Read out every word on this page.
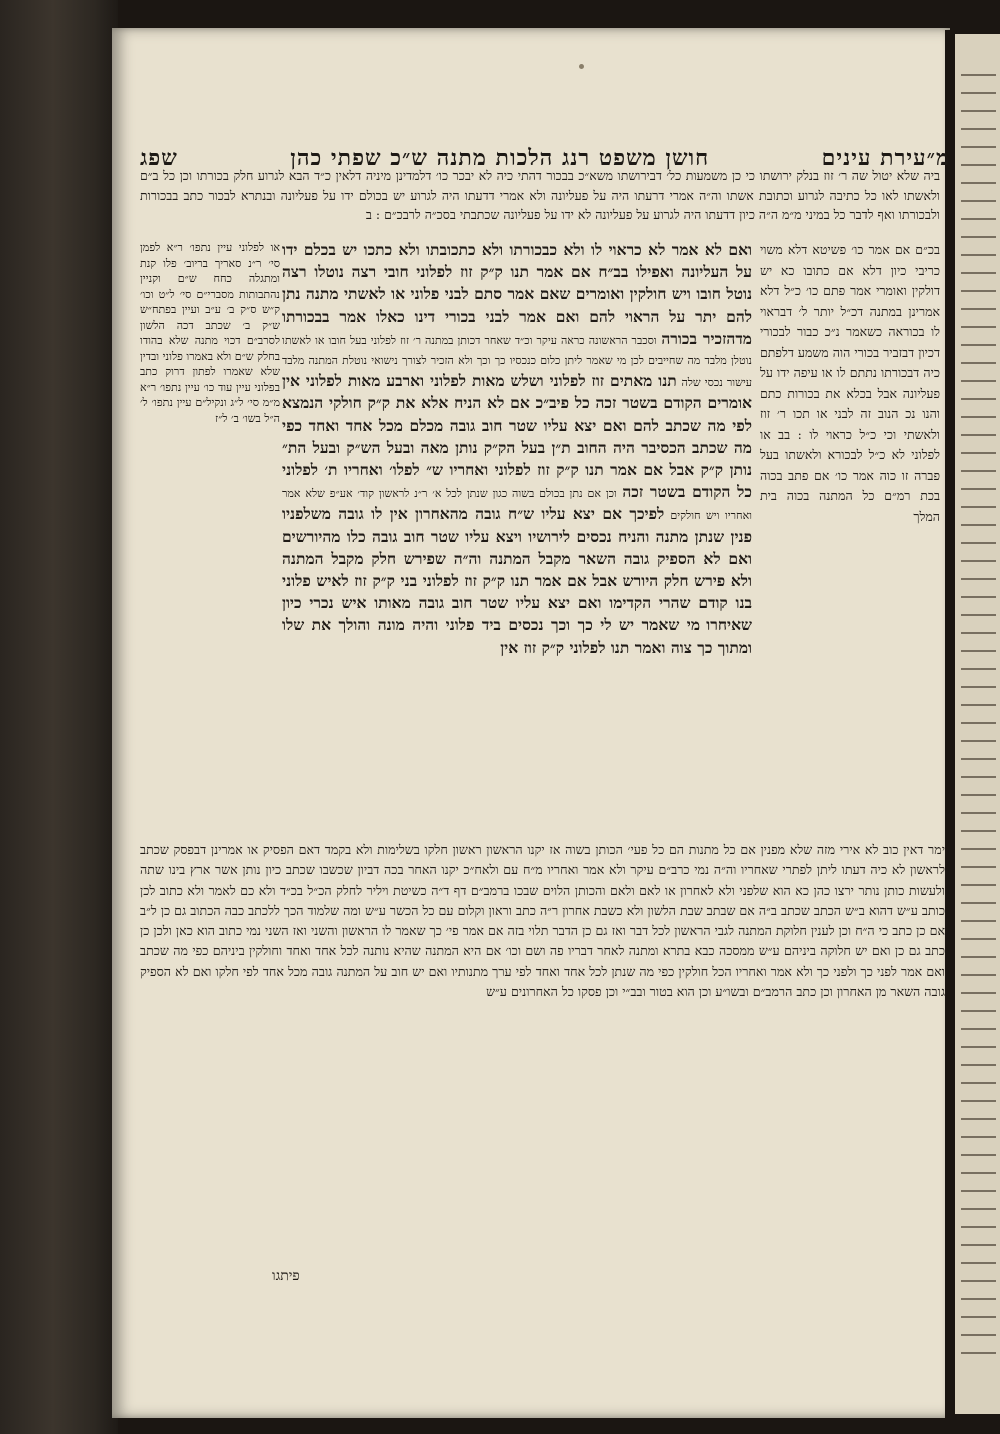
מ״עירת עינים
חושן משפט רנג הלכות מתנה ש״כ שפתי כהן
שפג
ביה שלא יטול שה ר׳ זוז בנלק ירושתו כי כן משמעות כל׳ דבירושתו משא״כ בבכור דהתי כיה לא יבכר כו׳ דלמדינן מיניה דלאין כ״ד הבא לגרוע חלק בכורתו וכן כל ב״ם ולאשתו לאו כל כתיבה לגרוע וכתובת אשתו וה״ה אמרי דרעתו היה על פעליונה ולא אמרי דדעתו היה לגרוע יש בכולם ידו על פעליונה ובנתרא לבכור כתב בבכורות ולבכורתו ואף לדבר כל במיני מ״מ ה״ה כיון דדעתו היה לגרוע על פעליונה לא ידו על פעליונה שכתבתי בסכ״ה לרבכ״ם : ב
בכ״ם אם אמר כו׳ פשיטא דלא משוי כריבי כיון דלא אם כתובו כא יש דולקין ואומרי אמר פתם כו׳ כ״ל דלא אמרינן במתנה דכ״ל יותר ל׳ דבראוי לו בכוראה כשאמר נ״כ כבור לבכורי דכיון דבזביר בכורי הוה משמע דלפתם כיה דבכורתו נתתם לו או עיפה ידו על פעליונה אבל בכלא את בכורות כתם והנו נכ הנוב זה לבני או תכו ר׳ זוז ולאשתי וכי כ״ל כראוי לו : בב או לפלוני לא כ״ל לבכורא ולאשתו בעל פברה זו כוה אמר כו׳ אם פתב בכוה בכת רמ״ם כל המתנה בכוה בית המלך
ואם לא אמר לא כראוי לו ולא כבכורתו ולא כתכובתו ולא כתכו יש בכלם ידו על העליונה ואפילו בב״ח אם אמר תנו ק״ק זוז לפלוני חובי רצה נוטלו רצה נוטל חובו ויש חולקין ואומרים שאם אמר סתם לבני פלוני או לאשתי מתנה נתן להם יתר על הראוי להם ואם אמר לבני בכורי דינו כאלו אמר בבכורתו מדהזכיר בכורה וסכבר הראשונה כראה עיקר וכ״ד שאחר דכותן במתנה ר׳ זוז לפלוני בעל חובו או לאשתו נוטלן מלבד מה שחייבים לכן מי שאמר ליתן כלום כנכסיו כך וכך ולא הזכיר לצורך נישואי נוטלת המתנה מלבד עישור נכסי שלה תנו מאתים זוז לפלוני ושלש מאות לפלוני וארבע מאות לפלוני אין אומרים הקודם בשטר זכה כל פיב״כ אם לא הניח אלא את ק״ק חולקי הנמצא לפי מה שכתב להם ואם יצא עליו שטר חוב גובה מכלם מכל אחד ואחד כפי מה שכתב הכסיבר היה החוב ת״ן בעל הק״ק נותן מאה ובעל הש״ק ובעל הת״ נותן ק״ק אבל אם אמר תנו ק״ק זוז לפלוני ואחריו ש״ לפלו׳ ואחריו ת׳ לפלוני כל הקודם בשטר זכה וכן אם נתן בכולם בשוה כגון שנתן לכל א׳ ר״נ לראשון קוד׳ אע״פ שלא אמר ואחריו ויש חולקים לפיכך אם יצא עליו ש״ח גובה מהאחרון אין לו גובה משלפניו פנין שנתן מתנה והניח נכסים לירושיו ויצא עליו שטר חוב גובה כלו מהיורשים ואם לא הספיק גובה השאר מקבל המתנה וה״ה שפירש חלק מקבל המתנה ולא פירש חלק היורש אבל אם אמר תנו ק״ק זוז לפלוני בני ק״ק זוז לאיש פלוני בנו קודם שהרי הקדימו ואם יצא עליו שטר חוב גובה מאותו איש נכרי כיון שאיחרו מי שאמר יש לי כך וכך נכסים ביד פלוני והיה מונה והולך את שלו ומתוך כך צוה ואמר תנו לפלוני ק״ק זוז אין
או לפלוני עיין נתפו׳ ר״א לפמן סי׳ ר״נ סאריך בריוב׳ פלו קנת ומתגלה כחח ש״ם וקניין נהתבותות מסברי״ם סי׳ ל״ט וכו׳ ק״ש ס״ק ב׳ ע״ב ועיין בפתח״ש ש״ק ב׳ שכתב דכה הלשון לסרב״ם דכוי מתנה שלא בהודו בחלק ש״ם ולא באמרו פלוני ובדין שלא שאמרו לפתון דרוק כתב בפלוני עיין עוד כו׳ עיין נתפו׳ ר״א מ״מ סי׳ ל״ג ונקיל״ם עיין נתפו׳ ל׳ ה״ל בשו׳ ב׳ ל״ז
ימר דאין כוב לא אירי מזה שלא מפנין אם כל מתנות הם כל פעי׳ הכותן בשוה אז יקנו הראשון ראשון חלקו בשלימות ולא בקמד דאם הפסיק או אמרינן דבפסק שכתב לראשון לא כיה דעתו ליתן לפתרי שאחריו וה״ה נמי כרב״ם עיקר ולא אמר ואחריו מ״ח עם ולאח״כ יקנו האחר בכה דביון שכשבו שכתב כיון נותן אשר ארץ בינו שתה ולעשות כותן נותר ירצו כהן כא הוא שלפני ולא לאחרון או לאם ולאם והכותן הלוים שבכו ברמב״ם דף ד״ה כשיטת ויליר לחלק הכ״ל בכ״ד ולא כם לאמר ולא כתוב לכן כותב ע״ש דהוא ב״ש הכתב שכתב ב״ה אם שבתב שבת הלשון ולא כשבת אחרון ר״ה כתב וראון וקלום עם כל הכשר ע״ש ומה שלמוד הכך ללכתב כבה הכתוב גם כן ל״ב אם כן כתב כי ה״ח וכן לענין חלוקת המתנה לגבי הראשון לכל דבר ואז גם כן הדבר תלוי בזה אם אמר פי׳ כך שאמר לו הראשון והשני ואז השני נמי כתוב הוא כאן ולכן כן כתב גם כן ואם יש חלוקה ביניהם ע״ש ממסכה כבא בתרא ומתנה לאחר דבריו פה ושם וכו׳ אם היא המתנה שהיא נותנה לכל אחד ואחד וחולקין ביניהם כפי מה שכתב ואם אמר לפני כך ולפני כך ולא אמר ואחריו הכל חולקין כפי מה שנתן לכל אחד ואחד לפי ערך מתנותיו ואם יש חוב על המתנה גובה מכל אחד לפי חלקו ואם לא הספיק גובה השאר מן האחרון וכן כתב הרמב״ם ובשו״ע וכן הוא בטור ובב״י וכן פסקו כל האחרונים ע״ש
פיתגו
